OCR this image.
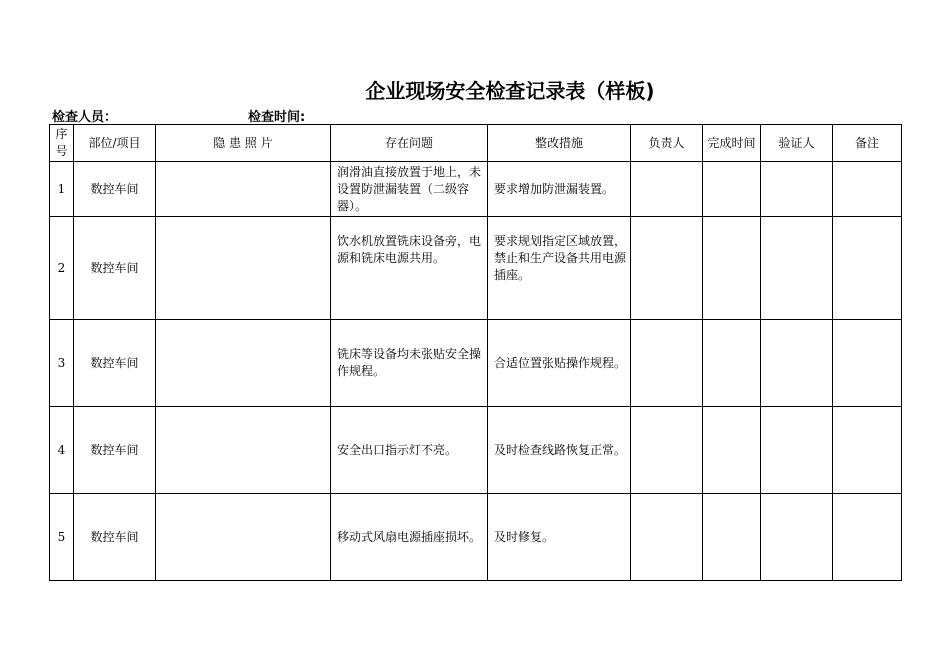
企业现场安全检查记录表（样板)
检查人员：	检查时间:
序号	部位/项目	隐 患 照 片	存在问题	整改措施	负责人	完成时间	验证人	备注
1	数控车间		润滑油直接放置于地上，未设置防泄漏装置（二级容器）。	要求增加防泄漏装置。				
2	数控车间		饮水机放置铣床设备旁，电源和铣床电源共用。	要求规划指定区域放置，禁止和生产设备共用电源插座。				
3	数控车间		铣床等设备均未张贴安全操作规程。	合适位置张贴操作规程。				
4	数控车间		安全出口指示灯不亮。	及时检查线路恢复正常。				
5	数控车间		移动式风扇电源插座损坏。	及时修复。				
